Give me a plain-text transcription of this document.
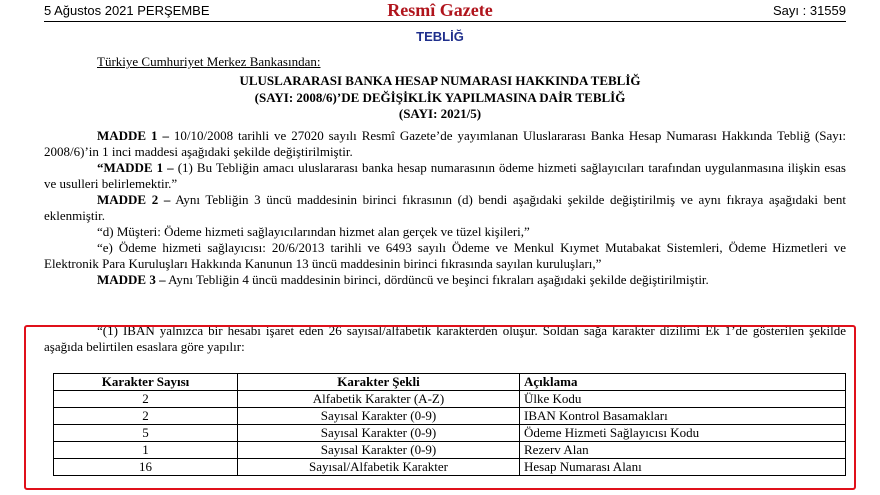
5 Ağustos 2021 PERŞEMBE	Resmî Gazete	Sayı : 31559
TEBLİĞ
Türkiye Cumhuriyet Merkez Bankasından:
ULUSLARARASI BANKA HESAP NUMARASI HAKKINDA TEBLİĞ
(SAYI: 2008/6)’DE DEĞİŞİKLİK YAPILMASINA DAİR TEBLİĞ
(SAYI: 2021/5)

MADDE 1 – 10/10/2008 tarihli ve 27020 sayılı Resmî Gazete’de yayımlanan Uluslararası Banka Hesap Numarası Hakkında Tebliğ (Sayı: 2008/6)’in 1 inci maddesi aşağıdaki şekilde değiştirilmiştir.

“MADDE 1 – (1) Bu Tebliğin amacı uluslararası banka hesap numarasının ödeme hizmeti sağlayıcıları tarafından uygulanmasına ilişkin esas ve usulleri belirlemektir.”

MADDE 2 – Aynı Tebliğin 3 üncü maddesinin birinci fıkrasının (d) bendi aşağıdaki şekilde değiştirilmiş ve aynı fıkraya aşağıdaki bent eklenmiştir.

“d) Müşteri: Ödeme hizmeti sağlayıcılarından hizmet alan gerçek ve tüzel kişileri,”

“e) Ödeme hizmeti sağlayıcısı: 20/6/2013 tarihli ve 6493 sayılı Ödeme ve Menkul Kıymet Mutabakat Sistemleri, Ödeme Hizmetleri ve Elektronik Para Kuruluşları Hakkında Kanunun 13 üncü maddesinin birinci fıkrasında sayılan kuruluşları,”

MADDE 3 – Aynı Tebliğin 4 üncü maddesinin birinci, dördüncü ve beşinci fıkraları aşağıdaki şekilde değiştirilmiştir.

“(1) IBAN yalnızca bir hesabı işaret eden 26 sayısal/alfabetik karakterden oluşur. Soldan sağa karakter dizilimi Ek 1’de gösterilen şekilde aşağıda belirtilen esaslara göre yapılır:

Karakter Sayısı	Karakter Şekli	Açıklama
2	Alfabetik Karakter (A-Z)	Ülke Kodu
2	Sayısal Karakter (0-9)	IBAN Kontrol Basamakları
5	Sayısal Karakter (0-9)	Ödeme Hizmeti Sağlayıcısı Kodu
1	Sayısal Karakter (0-9)	Rezerv Alan
16	Sayısal/Alfabetik Karakter	Hesap Numarası Alanı
